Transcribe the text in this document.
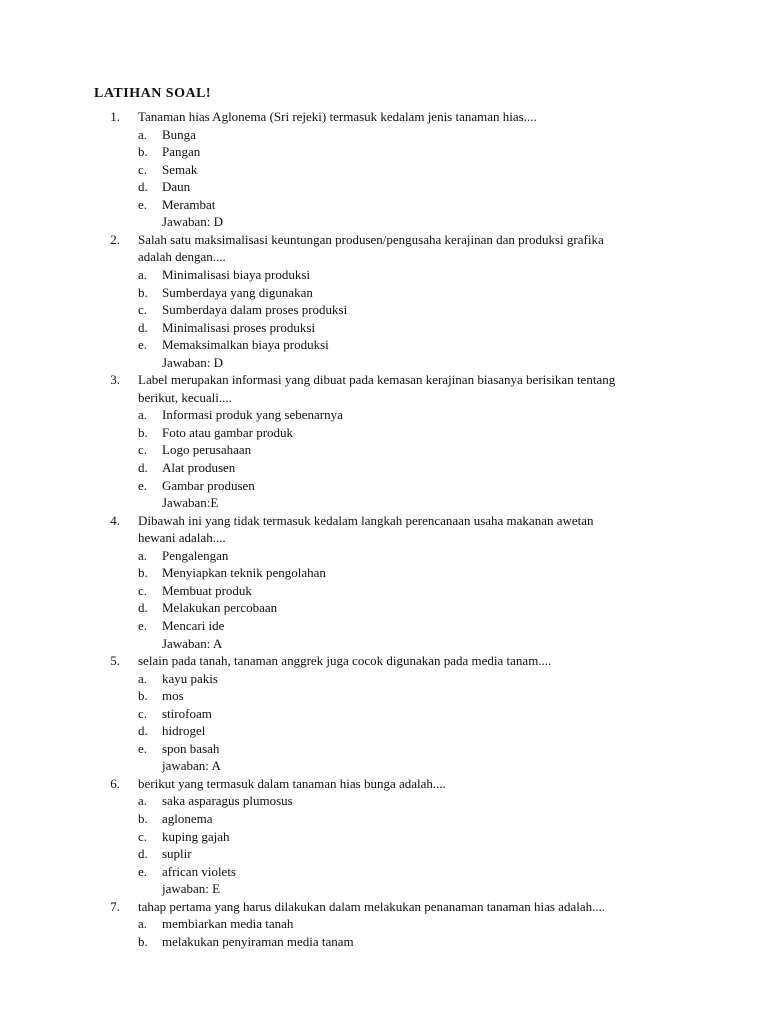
LATIHAN SOAL!
1. Tanaman hias Aglonema (Sri rejeki) termasuk kedalam jenis tanaman hias....
a. Bunga
b. Pangan
c. Semak
d. Daun
e. Merambat
Jawaban: D
2. Salah satu maksimalisasi keuntungan produsen/pengusaha kerajinan dan produksi grafika
adalah dengan....
a. Minimalisasi biaya produksi
b. Sumberdaya yang digunakan
c. Sumberdaya dalam proses produksi
d. Minimalisasi proses produksi
e. Memaksimalkan biaya produksi
Jawaban: D
3. Label merupakan informasi yang dibuat pada kemasan kerajinan biasanya berisikan tentang
berikut, kecuali....
a. Informasi produk yang sebenarnya
b. Foto atau gambar produk
c. Logo perusahaan
d. Alat produsen
e. Gambar produsen
Jawaban:E
4. Dibawah ini yang tidak termasuk kedalam langkah perencanaan usaha makanan awetan
hewani adalah....
a. Pengalengan
b. Menyiapkan teknik pengolahan
c. Membuat produk
d. Melakukan percobaan
e. Mencari ide
Jawaban: A
5. selain pada tanah, tanaman anggrek juga cocok digunakan pada media tanam....
a. kayu pakis
b. mos
c. stirofoam
d. hidrogel
e. spon basah
jawaban: A
6. berikut yang termasuk dalam tanaman hias bunga adalah....
a. saka asparagus plumosus
b. aglonema
c. kuping gajah
d. suplir
e. african violets
jawaban: E
7. tahap pertama yang harus dilakukan dalam melakukan penanaman tanaman hias adalah....
a. membiarkan media tanah
b. melakukan penyiraman media tanam
